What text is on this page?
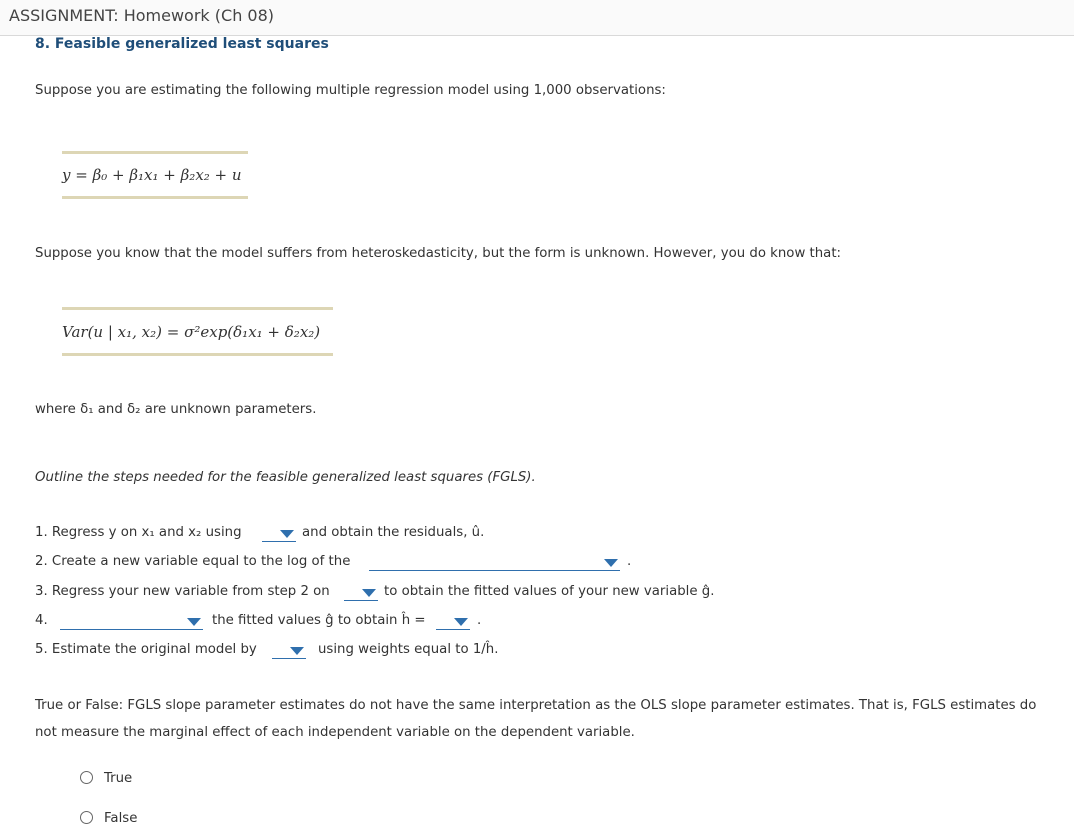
ASSIGNMENT: Homework (Ch 08)
8. Feasible generalized least squares
Suppose you are estimating the following multiple regression model using 1,000 observations:
y = β₀ + β₁x₁ + β₂x₂ + u
Suppose you know that the model suffers from heteroskedasticity, but the form is unknown. However, you do know that:
Var(u | x₁, x₂) = σ²exp(δ₁x₁ + δ₂x₂)
where δ₁ and δ₂ are unknown parameters.
Outline the steps needed for the feasible generalized least squares (FGLS).
1. Regress y on x₁ and x₂ using	and obtain the residuals, û.
2. Create a new variable equal to the log of the	.
3. Regress your new variable from step 2 on	to obtain the fitted values of your new variable ĝ.
4.	the fitted values ĝ to obtain ĥ =	.
5. Estimate the original model by	using weights equal to 1/ĥ.
True or False: FGLS slope parameter estimates do not have the same interpretation as the OLS slope parameter estimates. That is, FGLS estimates do
not measure the marginal effect of each independent variable on the dependent variable.
True
False
